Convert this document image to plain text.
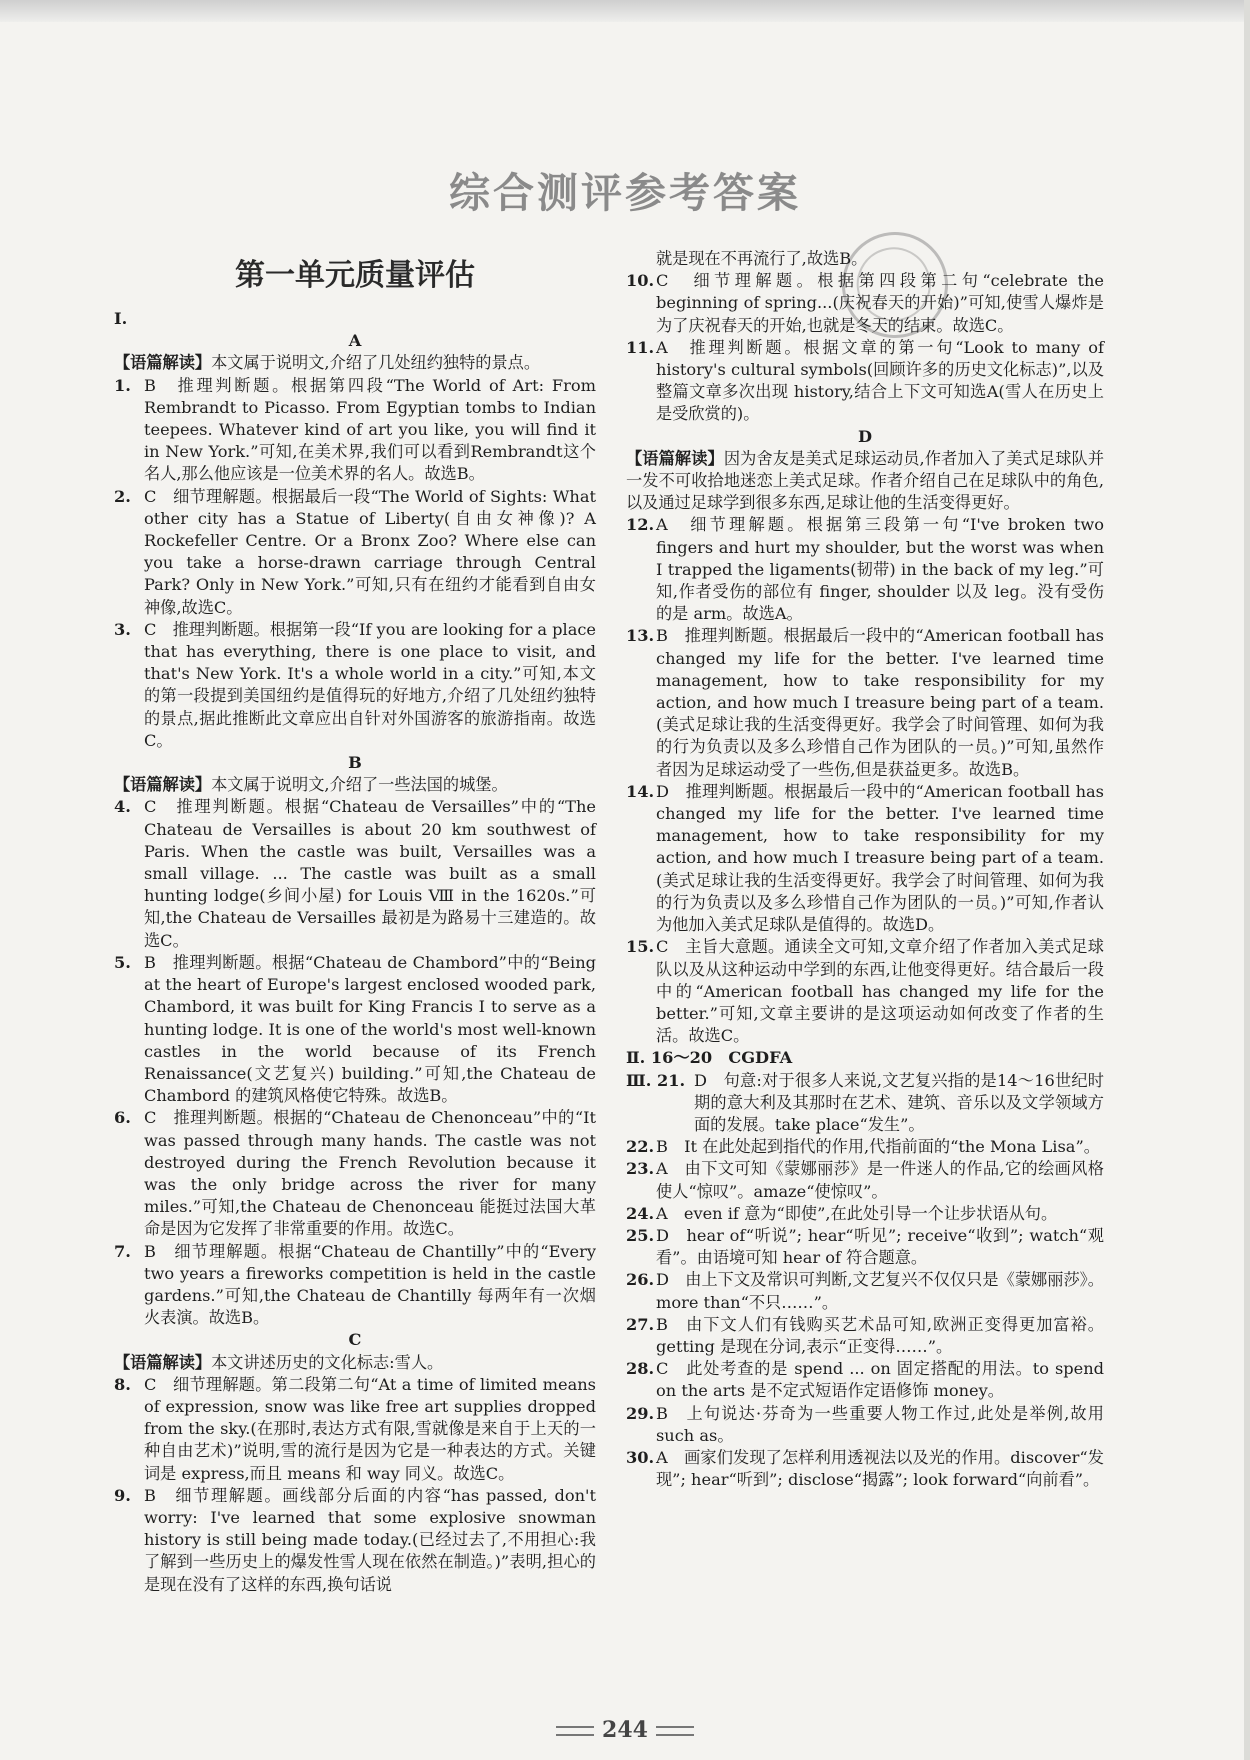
综合测评参考答案
第一单元质量评估
Ⅰ.
A
【语篇解读】本文属于说明文,介绍了几处纽约独特的景点。
1. B　推理判断题。根据第四段“The World of Art: From Rembrandt to Picasso. From Egyptian tombs to Indian teepees. Whatever kind of art you like, you will find it in New York.”可知,在美术界,我们可以看到Rembrandt这个名人,那么他应该是一位美术界的名人。故选B。
2. C　细节理解题。根据最后一段“The World of Sights: What other city has a Statue of Liberty(自由女神像)? A Rockefeller Centre. Or a Bronx Zoo? Where else can you take a horse-drawn carriage through Central Park? Only in New York.”可知,只有在纽约才能看到自由女神像,故选C。
3. C　推理判断题。根据第一段“If you are looking for a place that has everything, there is one place to visit, and that's New York. It's a whole world in a city.”可知,本文的第一段提到美国纽约是值得玩的好地方,介绍了几处纽约独特的景点,据此推断此文章应出自针对外国游客的旅游指南。故选C。
B
【语篇解读】本文属于说明文,介绍了一些法国的城堡。
4. C　推理判断题。根据“Chateau de Versailles”中的“The Chateau de Versailles is about 20 km southwest of Paris. When the castle was built, Versailles was a small village. ... The castle was built as a small hunting lodge(乡间小屋) for Louis Ⅷ in the 1620s.”可知,the Chateau de Versailles 最初是为路易十三建造的。故选C。
5. B　推理判断题。根据“Chateau de Chambord”中的“Being at the heart of Europe's largest enclosed wooded park, Chambord, it was built for King Francis Ⅰ to serve as a hunting lodge. It is one of the world's most well-known castles in the world because of its French Renaissance(文艺复兴) building.”可知,the Chateau de Chambord 的建筑风格使它特殊。故选B。
6. C　推理判断题。根据的“Chateau de Chenonceau”中的“It was passed through many hands. The castle was not destroyed during the French Revolution because it was the only bridge across the river for many miles.”可知,the Chateau de Chenonceau 能挺过法国大革命是因为它发挥了非常重要的作用。故选C。
7. B　细节理解题。根据“Chateau de Chantilly”中的“Every two years a fireworks competition is held in the castle gardens.”可知,the Chateau de Chantilly 每两年有一次烟火表演。故选B。
C
【语篇解读】本文讲述历史的文化标志:雪人。
8. C　细节理解题。第二段第二句“At a time of limited means of expression, snow was like free art supplies dropped from the sky.(在那时,表达方式有限,雪就像是来自于上天的一种自由艺术)”说明,雪的流行是因为它是一种表达的方式。关键词是 express,而且 means 和 way 同义。故选C。
9. B　细节理解题。画线部分后面的内容“has passed, don't worry: I've learned that some explosive snowman history is still being made today.(已经过去了,不用担心:我了解到一些历史上的爆发性雪人现在依然在制造。)”表明,担心的是现在没有了这样的东西,换句话说
就是现在不再流行了,故选B。
10. C　细节理解题。根据第四段第二句“celebrate the beginning of spring...(庆祝春天的开始)”可知,使雪人爆炸是为了庆祝春天的开始,也就是冬天的结束。故选C。
11. A　推理判断题。根据文章的第一句“Look to many of history's cultural symbols(回顾许多的历史文化标志)”,以及整篇文章多次出现 history,结合上下文可知选A(雪人在历史上是受欣赏的)。
D
【语篇解读】因为舍友是美式足球运动员,作者加入了美式足球队并一发不可收拾地迷恋上美式足球。作者介绍自己在足球队中的角色,以及通过足球学到很多东西,足球让他的生活变得更好。
12. A　细节理解题。根据第三段第一句“I've broken two fingers and hurt my shoulder, but the worst was when I trapped the ligaments(韧带) in the back of my leg.”可知,作者受伤的部位有 finger, shoulder 以及 leg。没有受伤的是 arm。故选A。
13. B　推理判断题。根据最后一段中的“American football has changed my life for the better. I've learned time management, how to take responsibility for my action, and how much I treasure being part of a team.(美式足球让我的生活变得更好。我学会了时间管理、如何为我的行为负责以及多么珍惜自己作为团队的一员。)”可知,虽然作者因为足球运动受了一些伤,但是获益更多。故选B。
14. D　推理判断题。根据最后一段中的“American football has changed my life for the better. I've learned time management, how to take responsibility for my action, and how much I treasure being part of a team.(美式足球让我的生活变得更好。我学会了时间管理、如何为我的行为负责以及多么珍惜自己作为团队的一员。)”可知,作者认为他加入美式足球队是值得的。故选D。
15. C　主旨大意题。通读全文可知,文章介绍了作者加入美式足球队以及从这种运动中学到的东西,让他变得更好。结合最后一段中的“American football has changed my life for the better.”可知,文章主要讲的是这项运动如何改变了作者的生活。故选C。
Ⅱ. 16～20　CGDFA
Ⅲ. 21. D　句意:对于很多人来说,文艺复兴指的是14～16世纪时期的意大利及其那时在艺术、建筑、音乐以及文学领域方面的发展。take place“发生”。
22. B　It 在此处起到指代的作用,代指前面的“the Mona Lisa”。
23. A　由下文可知《蒙娜丽莎》是一件迷人的作品,它的绘画风格使人“惊叹”。amaze“使惊叹”。
24. A　even if 意为“即使”,在此处引导一个让步状语从句。
25. D　hear of“听说”; hear“听见”; receive“收到”; watch“观看”。由语境可知 hear of 符合题意。
26. D　由上下文及常识可判断,文艺复兴不仅仅只是《蒙娜丽莎》。more than“不只……”。
27. B　由下文人们有钱购买艺术品可知,欧洲正变得更加富裕。getting 是现在分词,表示“正变得……”。
28. C　此处考查的是 spend ... on 固定搭配的用法。to spend on the arts 是不定式短语作定语修饰 money。
29. B　上句说达·芬奇为一些重要人物工作过,此处是举例,故用 such as。
30. A　画家们发现了怎样利用透视法以及光的作用。discover“发现”; hear“听到”; disclose“揭露”; look forward“向前看”。
244
